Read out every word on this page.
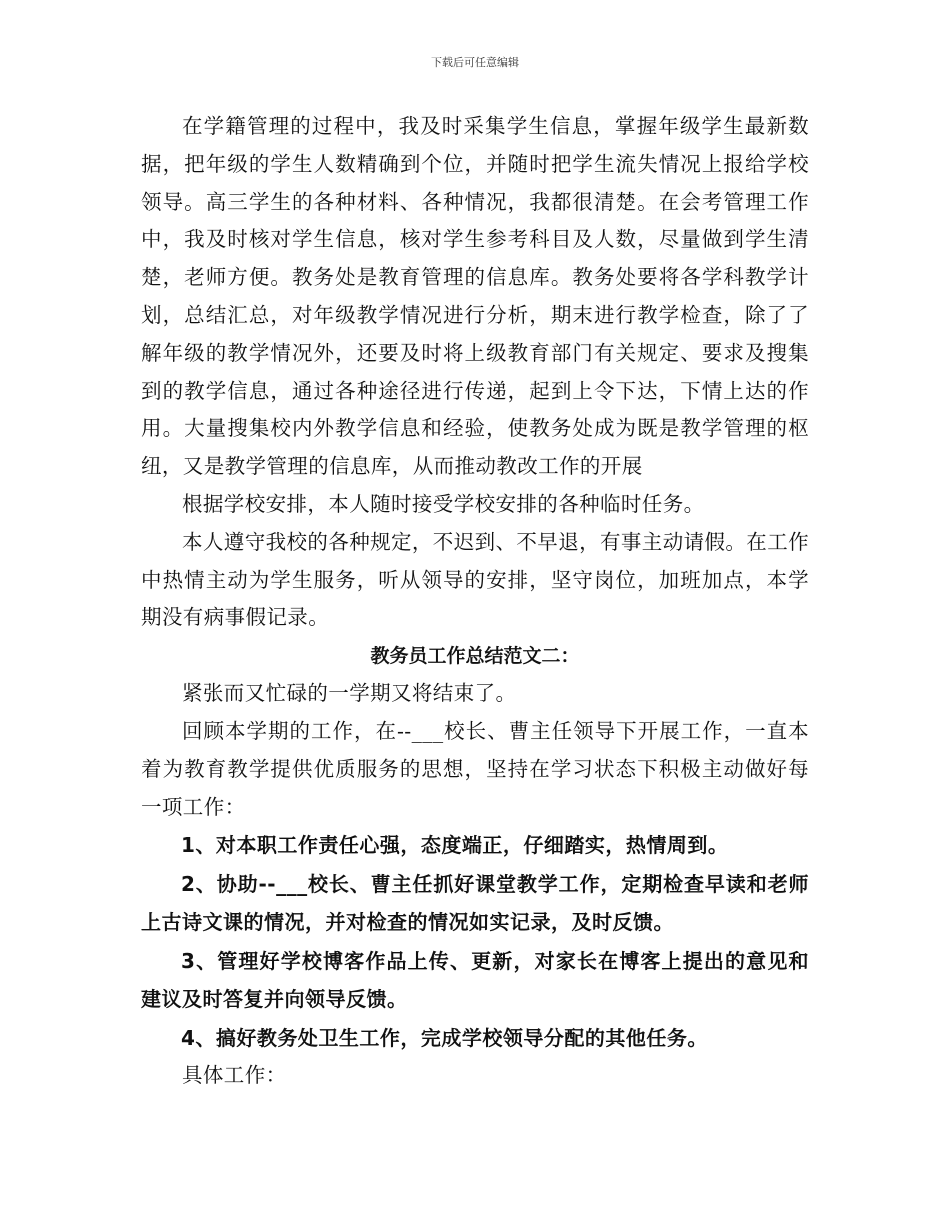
下载后可任意编辑

在学籍管理的过程中，我及时采集学生信息，掌握年级学生最新数据，把年级的学生人数精确到个位，并随时把学生流失情况上报给学校领导。高三学生的各种材料、各种情况，我都很清楚。在会考管理工作中，我及时核对学生信息，核对学生参考科目及人数，尽量做到学生清楚，老师方便。教务处是教育管理的信息库。教务处要将各学科教学计划，总结汇总，对年级教学情况进行分析，期末进行教学检查，除了了解年级的教学情况外，还要及时将上级教育部门有关规定、要求及搜集到的教学信息，通过各种途径进行传递，起到上令下达，下情上达的作用。大量搜集校内外教学信息和经验，使教务处成为既是教学管理的枢纽，又是教学管理的信息库，从而推动教改工作的开展

根据学校安排，本人随时接受学校安排的各种临时任务。

本人遵守我校的各种规定，不迟到、不早退，有事主动请假。在工作中热情主动为学生服务，听从领导的安排，坚守岗位，加班加点，本学期没有病事假记录。

教务员工作总结范文二：

紧张而又忙碌的一学期又将结束了。

回顾本学期的工作，在--___校长、曹主任领导下开展工作，一直本着为教育教学提供优质服务的思想，坚持在学习状态下积极主动做好每一项工作：

1、对本职工作责任心强，态度端正，仔细踏实，热情周到。

2、协助--___校长、曹主任抓好课堂教学工作，定期检查早读和老师上古诗文课的情况，并对检查的情况如实记录，及时反馈。

3、管理好学校博客作品上传、更新，对家长在博客上提出的意见和建议及时答复并向领导反馈。

4、搞好教务处卫生工作，完成学校领导分配的其他任务。

具体工作：
